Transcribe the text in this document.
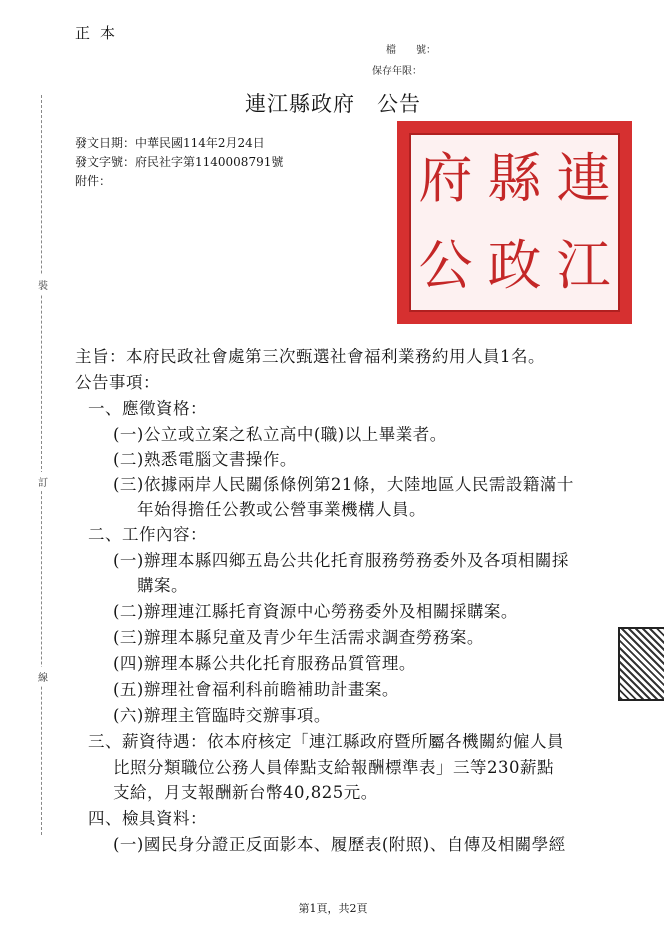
正本
檔　　號：
保存年限：
連江縣政府　公告
發文日期：中華民國114年2月24日
發文字號：府民社字第1140008791號
附件：
裝
訂
線
連
縣
府
江
政
公
主旨：本府民政社會處第三次甄選社會福利業務約用人員1名。
公告事項：
一、應徵資格：
(一)公立或立案之私立高中(職)以上畢業者。
(二)熟悉電腦文書操作。
(三)依據兩岸人民關係條例第21條，大陸地區人民需設籍滿十
年始得擔任公教或公營事業機構人員。
二、工作內容：
(一)辦理本縣四鄉五島公共化托育服務勞務委外及各項相關採
購案。
(二)辦理連江縣托育資源中心勞務委外及相關採購案。
(三)辦理本縣兒童及青少年生活需求調查勞務案。
(四)辦理本縣公共化托育服務品質管理。
(五)辦理社會福利科前瞻補助計畫案。
(六)辦理主管臨時交辦事項。
三、薪資待遇：依本府核定「連江縣政府暨所屬各機關約僱人員
比照分類職位公務人員俸點支給報酬標準表」三等230薪點
支給，月支報酬新台幣40,825元。
四、檢具資料：
(一)國民身分證正反面影本、履歷表(附照)、自傳及相關學經
第1頁，共2頁
